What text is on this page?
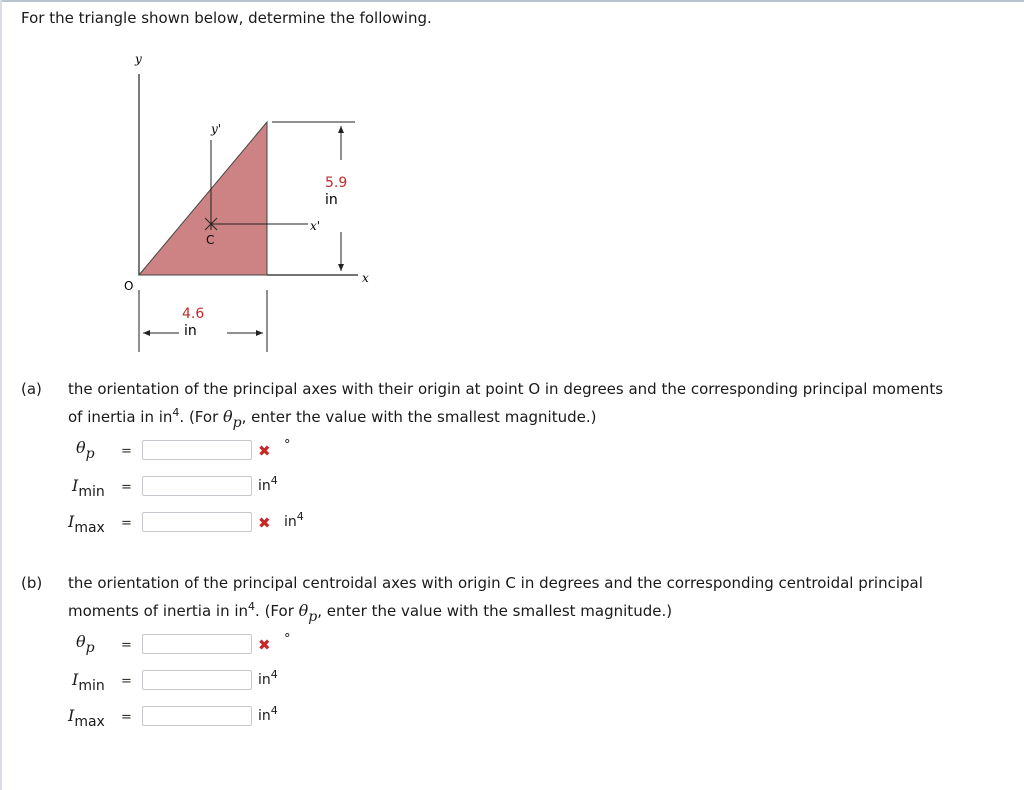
For the triangle shown below, determine the following.
y
x
y'
x'
C
O
5.9
in
4.6
in
(a) the orientation of the principal axes with their origin at point O in degrees and the corresponding principal moments
of inertia in $in^4$. (For θp, enter the value with the smallest magnitude.)
θp =	✖ °
Imin =	$in^4$
Imax =	✖ $in^4$
(b) the orientation of the principal centroidal axes with origin C in degrees and the corresponding centroidal principal
moments of inertia in $in^4$. (For θp, enter the value with the smallest magnitude.)
θp =	✖ °
Imin =	$in^4$
Imax =	$in^4$
